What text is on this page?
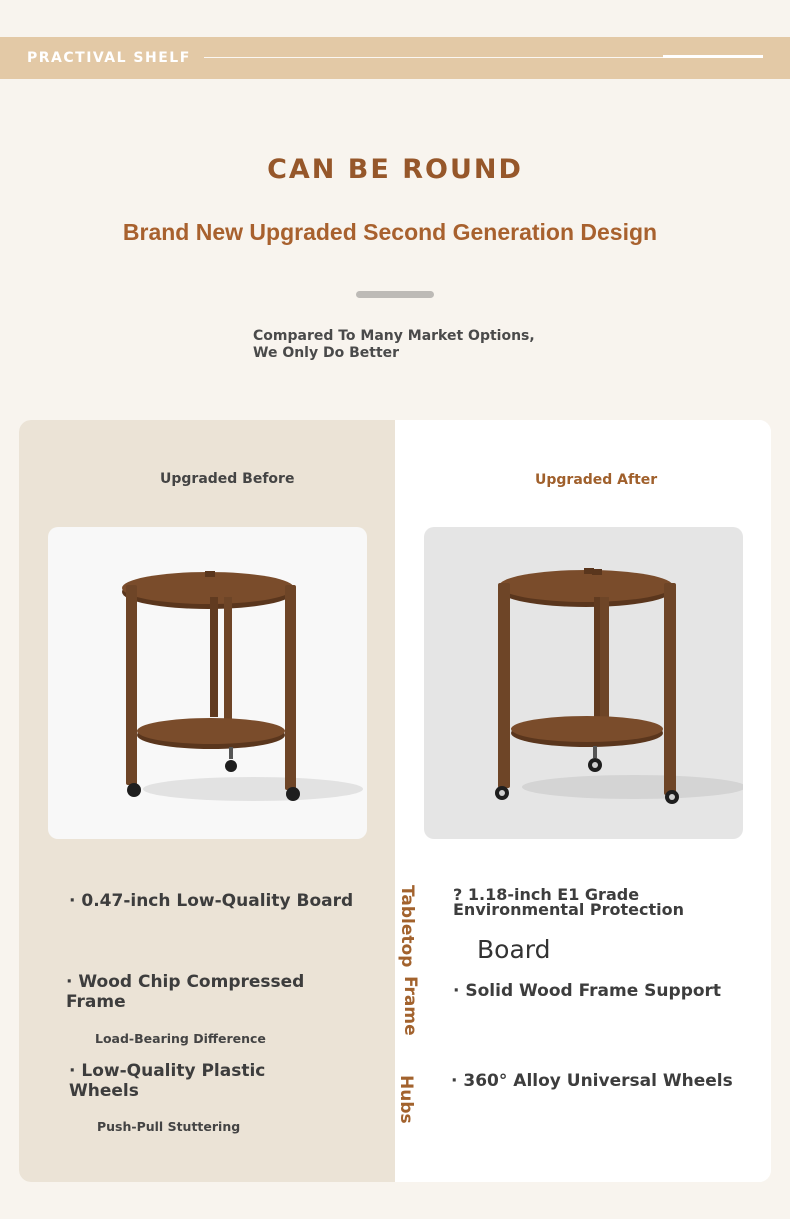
PRACTIVAL SHELF
CAN BE ROUND
Brand New Upgraded Second Generation Design
Compared To Many Market Options, We Only Do Better
Upgraded Before	Upgraded After
· 0.47-inch Low-Quality Board
· Wood Chip Compressed Frame
Load-Bearing Difference
· Low-Quality Plastic Wheels
Push-Pull Stuttering
Tabletop
Frame
Hubs
? 1.18-inch E1 Grade Environmental Protection
Board
· Solid Wood Frame Support
· 360° Alloy Universal Wheels
